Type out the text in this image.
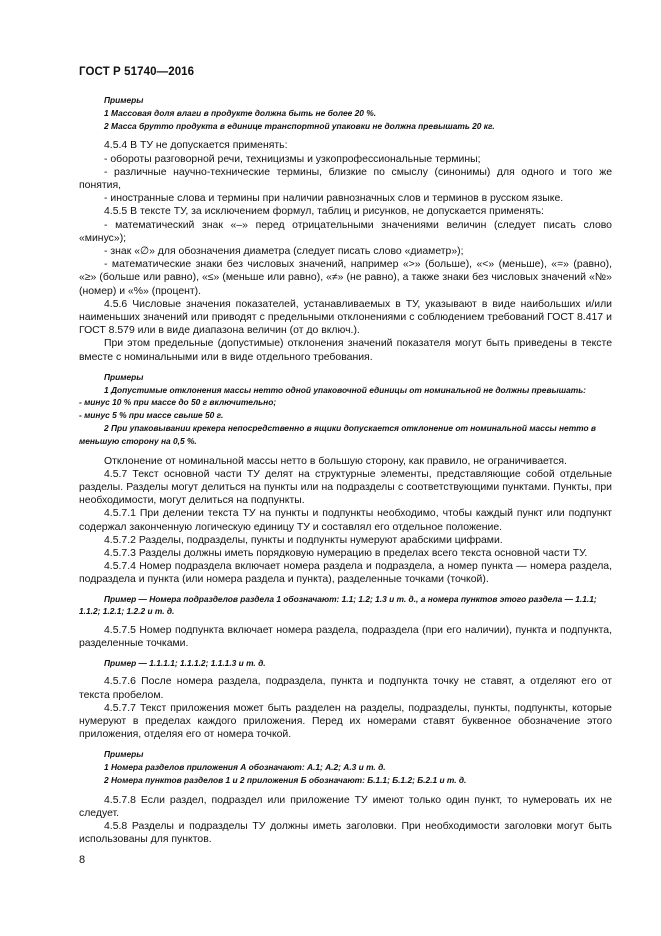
ГОСТ Р 51740—2016
Примеры
1 Массовая доля влаги в продукте должна быть не более 20 %.
2 Масса брутто продукта в единице транспортной упаковки не должна превышать 20 кг.
4.5.4 В ТУ не допускается применять:
- обороты разговорной речи, техницизмы и узкопрофессиональные термины;
- различные научно-технические термины, близкие по смыслу (синонимы) для одного и того же понятия,
- иностранные слова и термины при наличии равнозначных слов и терминов в русском языке.
4.5.5 В тексте ТУ, за исключением формул, таблиц и рисунков, не допускается применять:
- математический знак «–» перед отрицательными значениями величин (следует писать слово «минус»);
- знак «∅» для обозначения диаметра (следует писать слово «диаметр»);
- математические знаки без числовых значений, например «>» (больше), «<» (меньше), «=» (равно), «≥» (больше или равно), «≤» (меньше или равно), «≠» (не равно), а также знаки без числовых значений «№» (номер) и «%» (процент).
4.5.6 Числовые значения показателей, устанавливаемых в ТУ, указывают в виде наибольших и/или наименьших значений или приводят с предельными отклонениями с соблюдением требований ГОСТ 8.417 и ГОСТ 8.579 или в виде диапазона величин (от до включ.).
При этом предельные (допустимые) отклонения значений показателя могут быть приведены в тексте вместе с номинальными или в виде отдельного требования.
Примеры
1 Допустимые отклонения массы нетто одной упаковочной единицы от номинальной не должны превышать:
- минус 10 % при массе до 50 г включительно;
- минус 5 % при массе свыше 50 г.
2 При упаковывании крекера непосредственно в ящики допускается отклонение от номинальной массы нетто в меньшую сторону на 0,5 %.
Отклонение от номинальной массы нетто в большую сторону, как правило, не ограничивается.
4.5.7 Текст основной части ТУ делят на структурные элементы, представляющие собой отдельные разделы. Разделы могут делиться на пункты или на подразделы с соответствующими пунктами. Пункты, при необходимости, могут делиться на подпункты.
4.5.7.1 При делении текста ТУ на пункты и подпункты необходимо, чтобы каждый пункт или подпункт содержал законченную логическую единицу ТУ и составлял его отдельное положение.
4.5.7.2 Разделы, подразделы, пункты и подпункты нумеруют арабскими цифрами.
4.5.7.3 Разделы должны иметь порядковую нумерацию в пределах всего текста основной части ТУ.
4.5.7.4 Номер подраздела включает номера раздела и подраздела, а номер пункта — номера раздела, подраздела и пункта (или номера раздела и пункта), разделенные точками (точкой).
Пример — Номера подразделов раздела 1 обозначают: 1.1; 1.2; 1.3 и т. д., а номера пунктов этого раздела — 1.1.1; 1.1.2; 1.2.1; 1.2.2 и т. д.
4.5.7.5 Номер подпункта включает номера раздела, подраздела (при его наличии), пункта и подпункта, разделенные точками.
Пример — 1.1.1.1; 1.1.1.2; 1.1.1.3 и т. д.
4.5.7.6 После номера раздела, подраздела, пункта и подпункта точку не ставят, а отделяют его от текста пробелом.
4.5.7.7 Текст приложения может быть разделен на разделы, подразделы, пункты, подпункты, которые нумеруют в пределах каждого приложения. Перед их номерами ставят буквенное обозначение этого приложения, отделяя его от номера точкой.
Примеры
1 Номера разделов приложения А обозначают: А.1; А.2; А.3 и т. д.
2 Номера пунктов разделов 1 и 2 приложения Б обозначают: Б.1.1; Б.1.2; Б.2.1 и т. д.
4.5.7.8 Если раздел, подраздел или приложение ТУ имеют только один пункт, то нумеровать их не следует.
4.5.8 Разделы и подразделы ТУ должны иметь заголовки. При необходимости заголовки могут быть использованы для пунктов.
8
